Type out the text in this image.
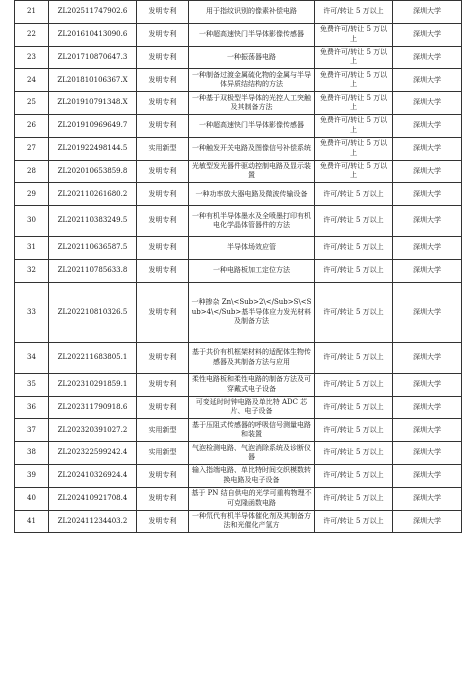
21	ZL202511747902.6	发明专利	用于指纹识别的像素补偿电路	许可/转让 5 万以上	深圳大学
22	ZL201610413090.6	发明专利	一种超高速快门半导体影像传感器	免费许可/转让 5 万以上	深圳大学
23	ZL201710870647.3	发明专利	一种振荡器电路	免费许可/转让 5 万以上	深圳大学
24	ZL201810106367.X	发明专利	一种制备过渡金属硫化物的金属与半导体异质结结构的方法	免费许可/转让 5 万以上	深圳大学
25	ZL201910791348.X	发明专利	一种基于双极型半导体的光控人工突触及其制备方法	免费许可/转让 5 万以上	深圳大学
26	ZL201910969649.7	发明专利	一种超高速快门半导体影像传感器	免费许可/转让 5 万以上	深圳大学
27	ZL201922498144.5	实用新型	一种触发开关电路及图像信号补偿系统	免费许可/转让 5 万以上	深圳大学
28	ZL202010653859.8	发明专利	光敏型发光器件驱动控制电路及显示装置	免费许可/转让 5 万以上	深圳大学
29	ZL202110261680.2	发明专利	一种功率放大器电路及微波传输设备	许可/转让 5 万以上	深圳大学
30	ZL202110383249.5	发明专利	一种有机半导体墨水及全喷墨打印有机电化学晶体管器件的方法	许可/转让 5 万以上	深圳大学
31	ZL202110636587.5	发明专利	半导体场效应管	许可/转让 5 万以上	深圳大学
32	ZL202110785633.8	发明专利	一种电路板加工定位方法	许可/转让 5 万以上	深圳大学
33	ZL202210810326.5	发明专利	一种掺杂 Zn\<Sub>2\</Sub>S\<Sub>4\</Sub>基半导体应力发光材料及制备方法	许可/转让 5 万以上	深圳大学
34	ZL202211683805.1	发明专利	基于共价有机框架材料的适配体生物传感器及其制备方法与应用	许可/转让 5 万以上	深圳大学
35	ZL202310291859.1	发明专利	柔性电路板和柔性电路的制备方法及可穿戴式电子设备	许可/转让 5 万以上	深圳大学
36	ZL202311790918.6	发明专利	可变延时时钟电路及单比特 ADC 芯片、电子设备	许可/转让 5 万以上	深圳大学
37	ZL202320391027.2	实用新型	基于压阻式传感器的呼吸信号测量电路和装置	许可/转让 5 万以上	深圳大学
38	ZL202322599242.4	实用新型	气泡检测电路、气泡消除系统及诊断仪器	许可/转让 5 万以上	深圳大学
39	ZL202410326924.4	发明专利	输入指端电路、单比特时间交织模数转换电路及电子设备	许可/转让 5 万以上	深圳大学
40	ZL202410921708.4	发明专利	基于 PN 结自供电的光学可重构物理不可克隆函数电路	许可/转让 5 万以上	深圳大学
41	ZL202411234403.2	发明专利	一种氘代有机半导体催化剂及其制备方法和光催化产氢方	许可/转让 5 万以上	深圳大学
